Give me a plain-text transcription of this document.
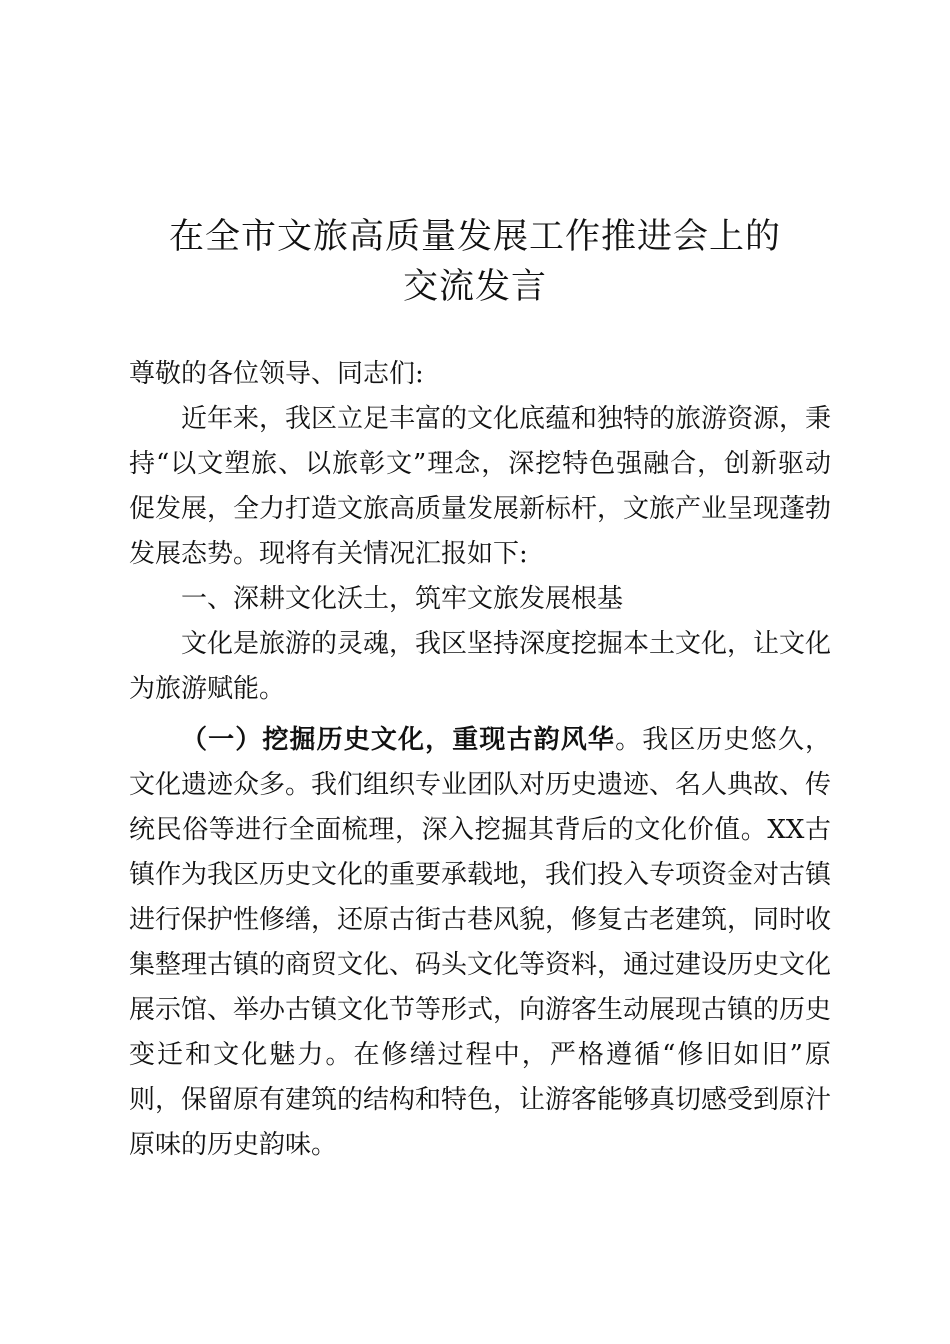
在全市文旅高质量发展工作推进会上的
交流发言

尊敬的各位领导、同志们:

近年来，我区立足丰富的文化底蕴和独特的旅游资源，秉持“以文塑旅、以旅彰文”理念，深挖特色强融合，创新驱动促发展，全力打造文旅高质量发展新标杆，文旅产业呈现蓬勃发展态势。现将有关情况汇报如下:

一、深耕文化沃土，筑牢文旅发展根基

文化是旅游的灵魂，我区坚持深度挖掘本土文化，让文化为旅游赋能。

（一）挖掘历史文化，重现古韵风华。我区历史悠久，文化遗迹众多。我们组织专业团队对历史遗迹、名人典故、传统民俗等进行全面梳理，深入挖掘其背后的文化价值。XX古镇作为我区历史文化的重要承载地，我们投入专项资金对古镇进行保护性修缮，还原古街古巷风貌，修复古老建筑，同时收集整理古镇的商贸文化、码头文化等资料，通过建设历史文化展示馆、举办古镇文化节等形式，向游客生动展现古镇的历史变迁和文化魅力。在修缮过程中，严格遵循“修旧如旧”原则，保留原有建筑的结构和特色，让游客能够真切感受到原汁原味的历史韵味。
